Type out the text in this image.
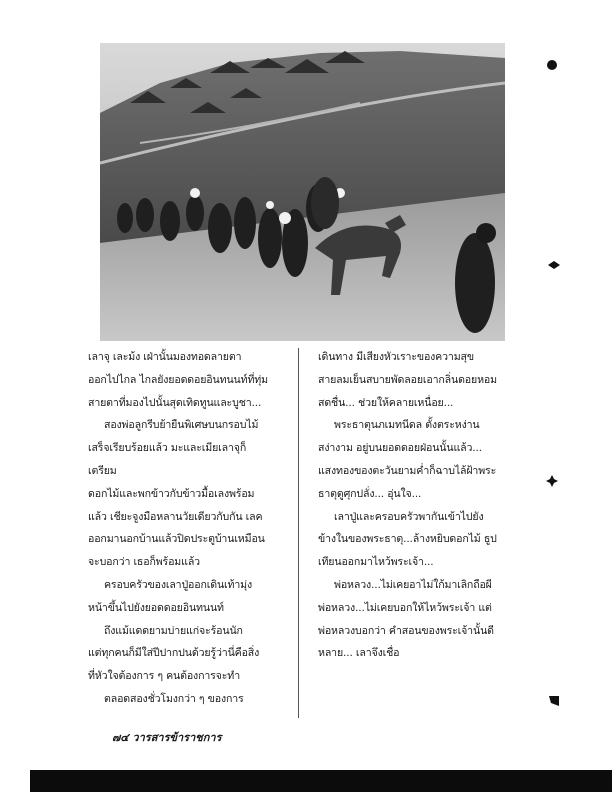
เลาจุ เละม้ง เฝ่านั้นมองทอดลายตา

ออกไปไกล ไกลยังยอดดอยอินทนนท์ที่ทุ่ม

สายตาที่มองไปนั้นสุดเทิดทูนและบูชา...

สองพ่อลูกรีบย้ายืนพิเศษบนกรอบไม้

เสร็จเรียบร้อยแล้ว มะและเมียเลาจุก็เตรียม

ดอกไม้และพกข้าวกับข้าวมื้อเลงพร้อม

แล้ว เชียะจูงมือหลานวัยเดียวกับกัน เลค

ออกมานอกบ้านแล้วปิดประตูบ้านเหมือน

จะบอกว่า เธอก็พร้อมแล้ว

ครอบครัวของเลาปู่ออกเดินเท้ามุ่ง

หน้าขึ้นไปยังยอดดอยอินทนนท์

ถึงแม้แดดยามบ่ายแก่จะร้อนนัก

แต่ทุกคนก็มีใส่ปีปากปนด้วยรู้ว่านี่คือสิ่ง

ที่หัวใจต้องการ ๆ คนต้องการจะทำ

ตลอดสองชั่วโมงกว่า ๆ ของการ

เดินทาง มีเสียงหัวเราะของความสุข

สายลมเย็นสบายพัดลอยเอากลิ่นดอยหอม

สดชื่น... ช่วยให้คลายเหนื่อย...

พระธาตุนภเมทนีดล ตั้งตระหง่าน

สง่างาม อยู่บนยอดดอยฝ่อนนั้นแล้ว...

แสงทองของตะวันยามค่ำก็ฉาบไล้ฝ้าพระ

ธาตุดูศุกปลั่ง... อุ่นใจ...

เลาปู่และครอบครัวพากันเข้าไปยัง

ข้างในของพระธาตุ...ล้างหยิบดอกไม้ ธูป

เทียนออกมาไหว้พระเจ้า...

พ่อหลวง...ไม่เคยอาไม่ใก้มาเลิกถือผี

พ่อหลวง...ไม่เคยบอกให้ไหว้พระเจ้า แต่

พ่อหลวงบอกว่า คำสอนของพระเจ้านั้นดี

หลาย... เลาจึงเชื่อ

๗๔ วารสารข้าราชการ
